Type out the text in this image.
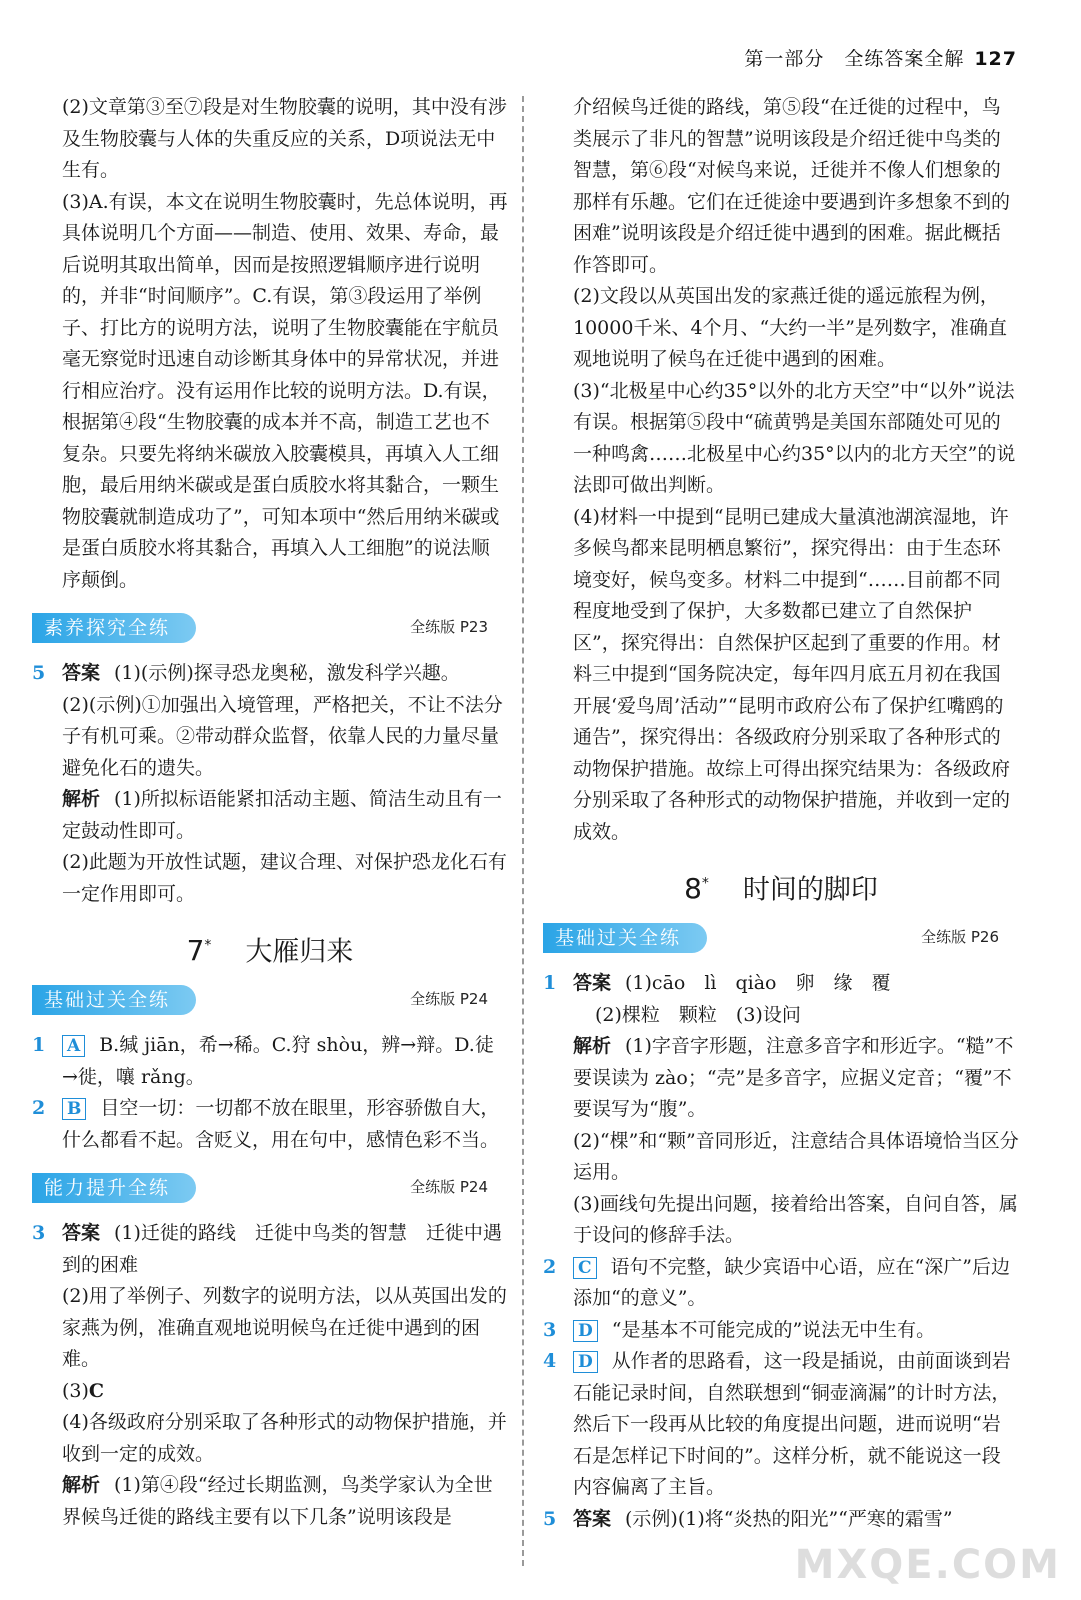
第一部分　全练答案全解 127

(2)文章第③至⑦段是对生物胶囊的说明，其中没有涉及生物胶囊与人体的失重反应的关系，D项说法无中生有。

(3)A.有误，本文在说明生物胶囊时，先总体说明，再具体说明几个方面——制造、使用、效果、寿命，最后说明其取出简单，因而是按照逻辑顺序进行说明的，并非“时间顺序”。C.有误，第③段运用了举例子、打比方的说明方法，说明了生物胶囊能在宇航员毫无察觉时迅速自动诊断其身体中的异常状况，并进行相应治疗。没有运用作比较的说明方法。D.有误，根据第④段“生物胶囊的成本并不高，制造工艺也不复杂。只要先将纳米碳放入胶囊模具，再填入人工细胞，最后用纳米碳或是蛋白质胶水将其黏合，一颗生物胶囊就制造成功了”，可知本项中“然后用纳米碳或是蛋白质胶水将其黏合，再填入人工细胞”的说法顺序颠倒。

素养探究全练	全练版 P23

5 答案 (1)(示例)探寻恐龙奥秘，激发科学兴趣。

(2)(示例)①加强出入境管理，严格把关，不让不法分子有机可乘。②带动群众监督，依靠人民的力量尽量避免化石的遗失。

解析 (1)所拟标语能紧扣活动主题、简洁生动且有一定鼓动性即可。

(2)此题为开放性试题，建议合理、对保护恐龙化石有一定作用即可。

7* 大雁归来
基础过关全练	全练版 P24

1 A B.缄 jiān，希→稀。C.狩 shòu，辨→辩。D.徒→徙，嚷 rǎng。

2 B 目空一切：一切都不放在眼里，形容骄傲自大，什么都看不起。含贬义，用在句中，感情色彩不当。

能力提升全练	全练版 P24

3 答案 (1)迁徙的路线　迁徙中鸟类的智慧　迁徙中遇到的困难

(2)用了举例子、列数字的说明方法，以从英国出发的家燕为例，准确直观地说明候鸟在迁徙中遇到的困难。

(3)C

(4)各级政府分别采取了各种形式的动物保护措施，并收到一定的成效。

解析 (1)第④段“经过长期监测，鸟类学家认为全世界候鸟迁徙的路线主要有以下几条”说明该段是

介绍候鸟迁徙的路线，第⑤段“在迁徙的过程中，鸟类展示了非凡的智慧”说明该段是介绍迁徙中鸟类的智慧，第⑥段“对候鸟来说，迁徙并不像人们想象的那样有乐趣。它们在迁徙途中要遇到许多想象不到的困难”说明该段是介绍迁徙中遇到的困难。据此概括作答即可。

(2)文段以从英国出发的家燕迁徙的遥远旅程为例，10000千米、4个月、“大约一半”是列数字，准确直观地说明了候鸟在迁徙中遇到的困难。

(3)“北极星中心约35°以外的北方天空”中“以外”说法有误。根据第⑤段中“硫黄鸮是美国东部随处可见的一种鸣禽……北极星中心约35°以内的北方天空”的说法即可做出判断。

(4)材料一中提到“昆明已建成大量滇池湖滨湿地，许多候鸟都来昆明栖息繁衍”，探究得出：由于生态环境变好，候鸟变多。材料二中提到“……目前都不同程度地受到了保护，大多数都已建立了自然保护区”，探究得出：自然保护区起到了重要的作用。材料三中提到“国务院决定，每年四月底五月初在我国开展‘爱鸟周’活动”“昆明市政府公布了保护红嘴鸥的通告”，探究得出：各级政府分别采取了各种形式的动物保护措施。故综上可得出探究结果为：各级政府分别采取了各种形式的动物保护措施，并收到一定的成效。

8* 时间的脚印
基础过关全练	全练版 P26

1 答案 (1)cāo　lì　qiào　卵　缘　覆

(2)棵粒　颗粒　(3)设问

解析 (1)字音字形题，注意多音字和形近字。“糙”不要误读为 zào；“壳”是多音字，应据义定音；“覆”不要误写为“腹”。

(2)“棵”和“颗”音同形近，注意结合具体语境恰当区分运用。

(3)画线句先提出问题，接着给出答案，自问自答，属于设问的修辞手法。

2 C 语句不完整，缺少宾语中心语，应在“深广”后边添加“的意义”。

3 D “是基本不可能完成的”说法无中生有。

4 D 从作者的思路看，这一段是插说，由前面谈到岩石能记录时间，自然联想到“铜壶滴漏”的计时方法，然后下一段再从比较的角度提出问题，进而说明“岩石是怎样记下时间的”。这样分析，就不能说这一段内容偏离了主旨。

5 答案 (示例)(1)将“炎热的阳光”“严寒的霜雪”

MXQE.COM
